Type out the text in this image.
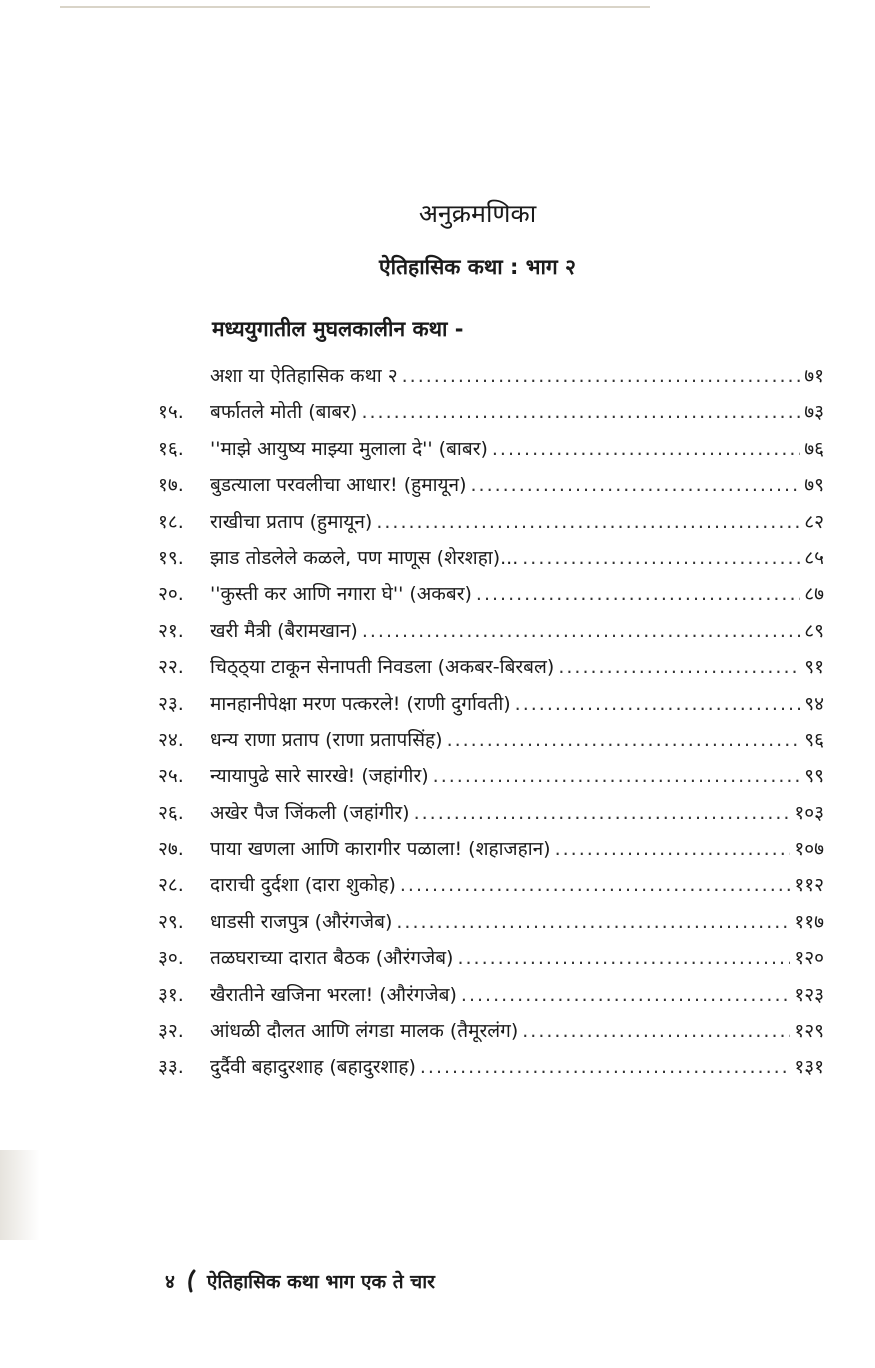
अनुक्रमणिका
ऐतिहासिक कथा : भाग २
मध्ययुगातील मुघलकालीन कथा -
अशा या ऐतिहासिक कथा २ .....	७१
१५.	बर्फातले मोती (बाबर) .....	७३
१६.	''माझे आयुष्य माझ्या मुलाला दे'' (बाबर) .....	७६
१७.	बुडत्याला परवलीचा आधार! (हुमायून) .....	७९
१८.	राखीचा प्रताप (हुमायून) .....	८२
१९.	झाड तोडलेले कळले, पण माणूस (शेरशहा)... .....	८५
२०.	''कुस्ती कर आणि नगारा घे'' (अकबर) .....	८७
२१.	खरी मैत्री (बैरामखान) .....	८९
२२.	चिठ्ठ्या टाकून सेनापती निवडला (अकबर-बिरबल) .....	९१
२३.	मानहानीपेक्षा मरण पत्करले! (राणी दुर्गावती) .....	९४
२४.	धन्य राणा प्रताप (राणा प्रतापसिंह) .....	९६
२५.	न्यायापुढे सारे सारखे! (जहांगीर) .....	९९
२६.	अखेर पैज जिंकली (जहांगीर) .....	१०३
२७.	पाया खणला आणि कारागीर पळाला! (शहाजहान) .....	१०७
२८.	दाराची दुर्दशा (दारा शुकोह) .....	११२
२९.	धाडसी राजपुत्र (औरंगजेब) .....	११७
३०.	तळघराच्या दारात बैठक (औरंगजेब) .....	१२०
३१.	खैरातीने खजिना भरला! (औरंगजेब) .....	१२३
३२.	आंधळी दौलत आणि लंगडा मालक (तैमूरलंग) .....	१२९
३३.	दुर्दैवी बहादुरशाह (बहादुरशाह) .....	१३१
४ ऐतिहासिक कथा भाग एक ते चार
